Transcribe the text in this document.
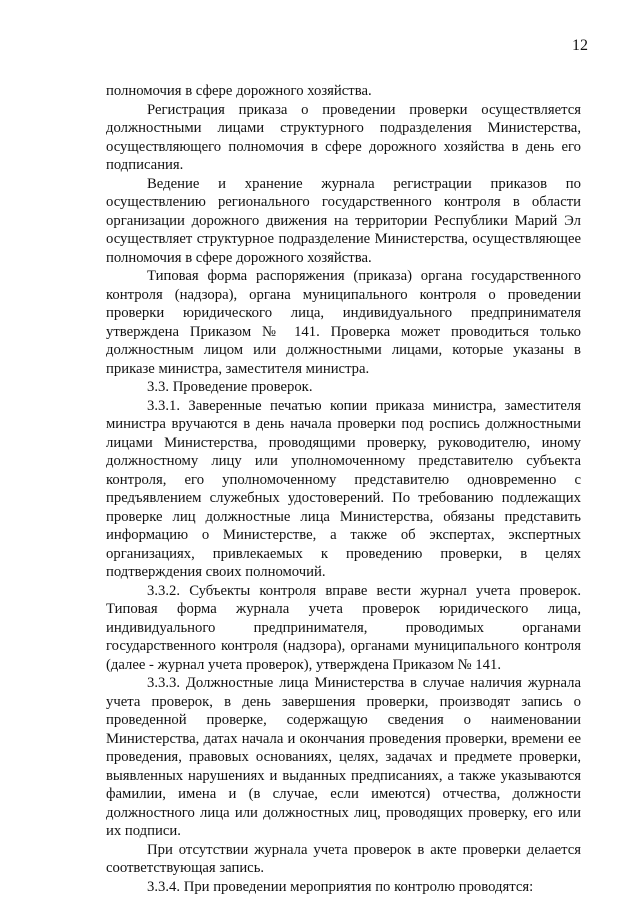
12

полномочия в сфере дорожного хозяйства.

Регистрация приказа о проведении проверки осуществляется должностными лицами структурного подразделения Министерства, осуществляющего полномочия в сфере дорожного хозяйства в день его подписания.

Ведение и хранение журнала регистрации приказов по осуществлению регионального государственного контроля в области организации дорожного движения на территории Республики Марий Эл осуществляет структурное подразделение Министерства, осуществляющее полномочия в сфере дорожного хозяйства.

Типовая форма распоряжения (приказа) органа государственного контроля (надзора), органа муниципального контроля о проведении проверки юридического лица, индивидуального предпринимателя утверждена Приказом № 141. Проверка может проводиться только должностным лицом или должностными лицами, которые указаны в приказе министра, заместителя министра.

3.3. Проведение проверок.

3.3.1. Заверенные печатью копии приказа министра, заместителя министра вручаются в день начала проверки под роспись должностными лицами Министерства, проводящими проверку, руководителю, иному должностному лицу или уполномоченному представителю субъекта контроля, его уполномоченному представителю одновременно с предъявлением служебных удостоверений. По требованию подлежащих проверке лиц должностные лица Министерства, обязаны представить информацию о Министерстве, а также об экспертах, экспертных организациях, привлекаемых к проведению проверки, в целях подтверждения своих полномочий.

3.3.2. Субъекты контроля вправе вести журнал учета проверок. Типовая форма журнала учета проверок юридического лица, индивидуального предпринимателя, проводимых органами государственного контроля (надзора), органами муниципального контроля (далее - журнал учета проверок), утверждена Приказом № 141.

3.3.3. Должностные лица Министерства в случае наличия журнала учета проверок, в день завершения проверки, производят запись о проведенной проверке, содержащую сведения о наименовании Министерства, датах начала и окончания проведения проверки, времени ее проведения, правовых основаниях, целях, задачах и предмете проверки, выявленных нарушениях и выданных предписаниях, а также указываются фамилии, имена и (в случае, если имеются) отчества, должности должностного лица или должностных лиц, проводящих проверку, его или их подписи.

При отсутствии журнала учета проверок в акте проверки делается соответствующая запись.

3.3.4. При проведении мероприятия по контролю проводятся:
